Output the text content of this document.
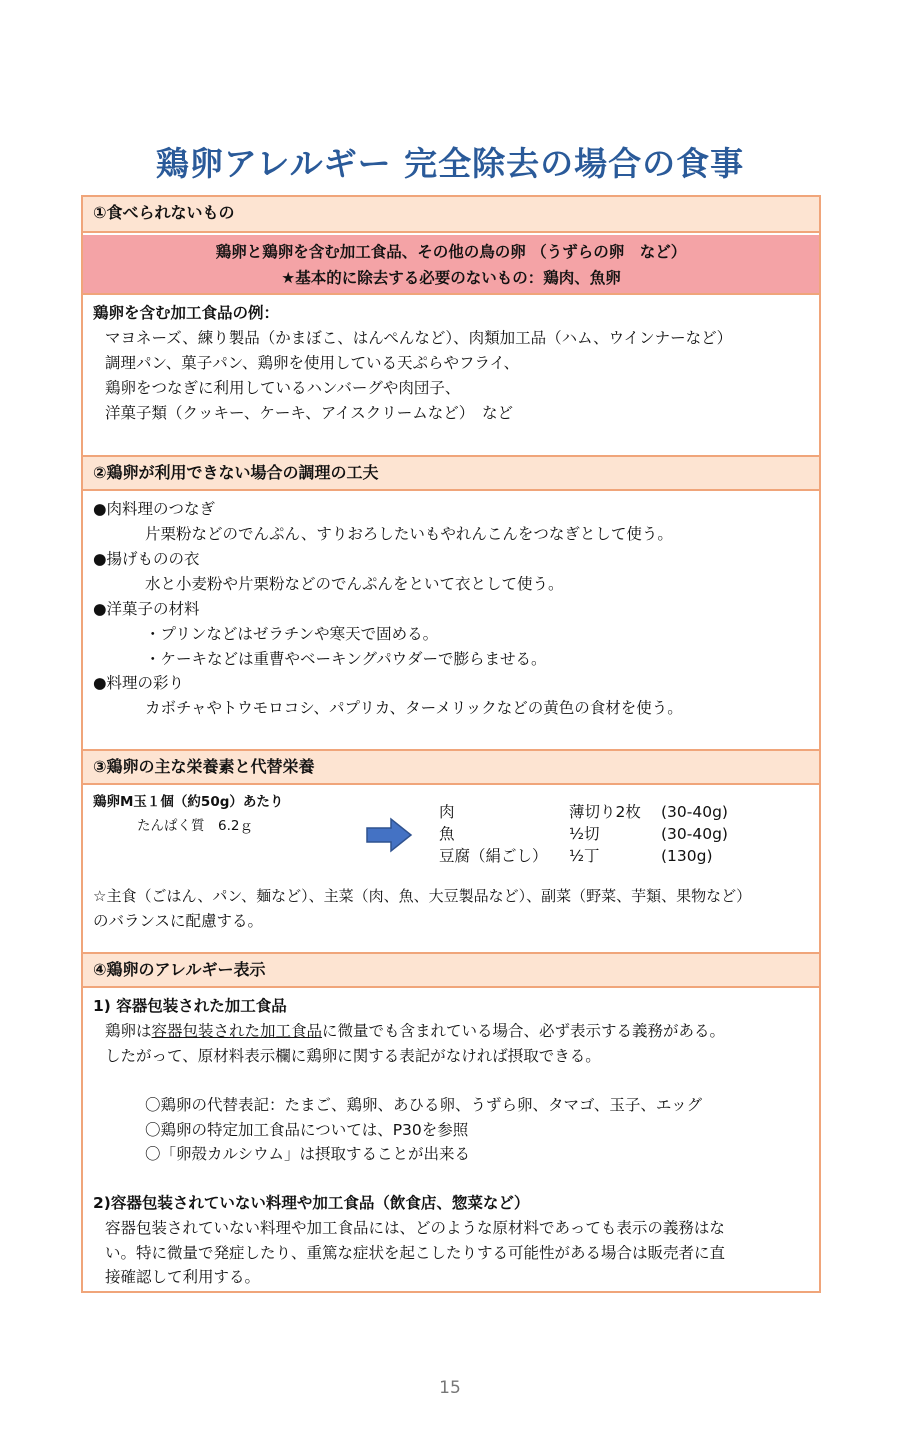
鶏卵アレルギー 完全除去の場合の食事
①食べられないもの
鶏卵と鶏卵を含む加工食品、その他の鳥の卵 （うずらの卵　など）
★基本的に除去する必要のないもの：鶏肉、魚卵
鶏卵を含む加工食品の例：
マヨネーズ、練り製品（かまぼこ、はんぺんなど）、肉類加工品（ハム、ウインナーなど）
調理パン、菓子パン、鶏卵を使用している天ぷらやフライ、
鶏卵をつなぎに利用しているハンバーグや肉団子、
洋菓子類（クッキー、ケーキ、アイスクリームなど）　など
②鶏卵が利用できない場合の調理の工夫
●肉料理のつなぎ
片栗粉などのでんぷん、すりおろしたいもやれんこんをつなぎとして使う。
●揚げものの衣
水と小麦粉や片栗粉などのでんぷんをといて衣として使う。
●洋菓子の材料
・プリンなどはゼラチンや寒天で固める。
・ケーキなどは重曹やベーキングパウダーで膨らませる。
●料理の彩り
カボチャやトウモロコシ、パプリカ、ターメリックなどの黄色の食材を使う。
③鶏卵の主な栄養素と代替栄養
鶏卵M玉１個（約50g）あたり
たんぱく質　6.2ｇ
肉	薄切り2枚 (30-40g)
魚	½切	(30-40g)
豆腐（絹ごし） ½丁	(130g)
☆主食（ごはん、パン、麺など）、主菜（肉、魚、大豆製品など）、副菜（野菜、芋類、果物など）
のバランスに配慮する。
④鶏卵のアレルギー表示
1) 容器包装された加工食品
鶏卵は容器包装された加工食品に微量でも含まれている場合、必ず表示する義務がある。
したがって、原材料表示欄に鶏卵に関する表記がなければ摂取できる。
〇鶏卵の代替表記：たまご、鶏卵、あひる卵、うずら卵、タマゴ、玉子、エッグ
〇鶏卵の特定加工食品については、P30を参照
〇「卵殻カルシウム」は摂取することが出来る
2)容器包装されていない料理や加工食品（飲食店、惣菜など）
容器包装されていない料理や加工食品には、どのような原材料であっても表示の義務はな
い。特に微量で発症したり、重篤な症状を起こしたりする可能性がある場合は販売者に直
接確認して利用する。
15
